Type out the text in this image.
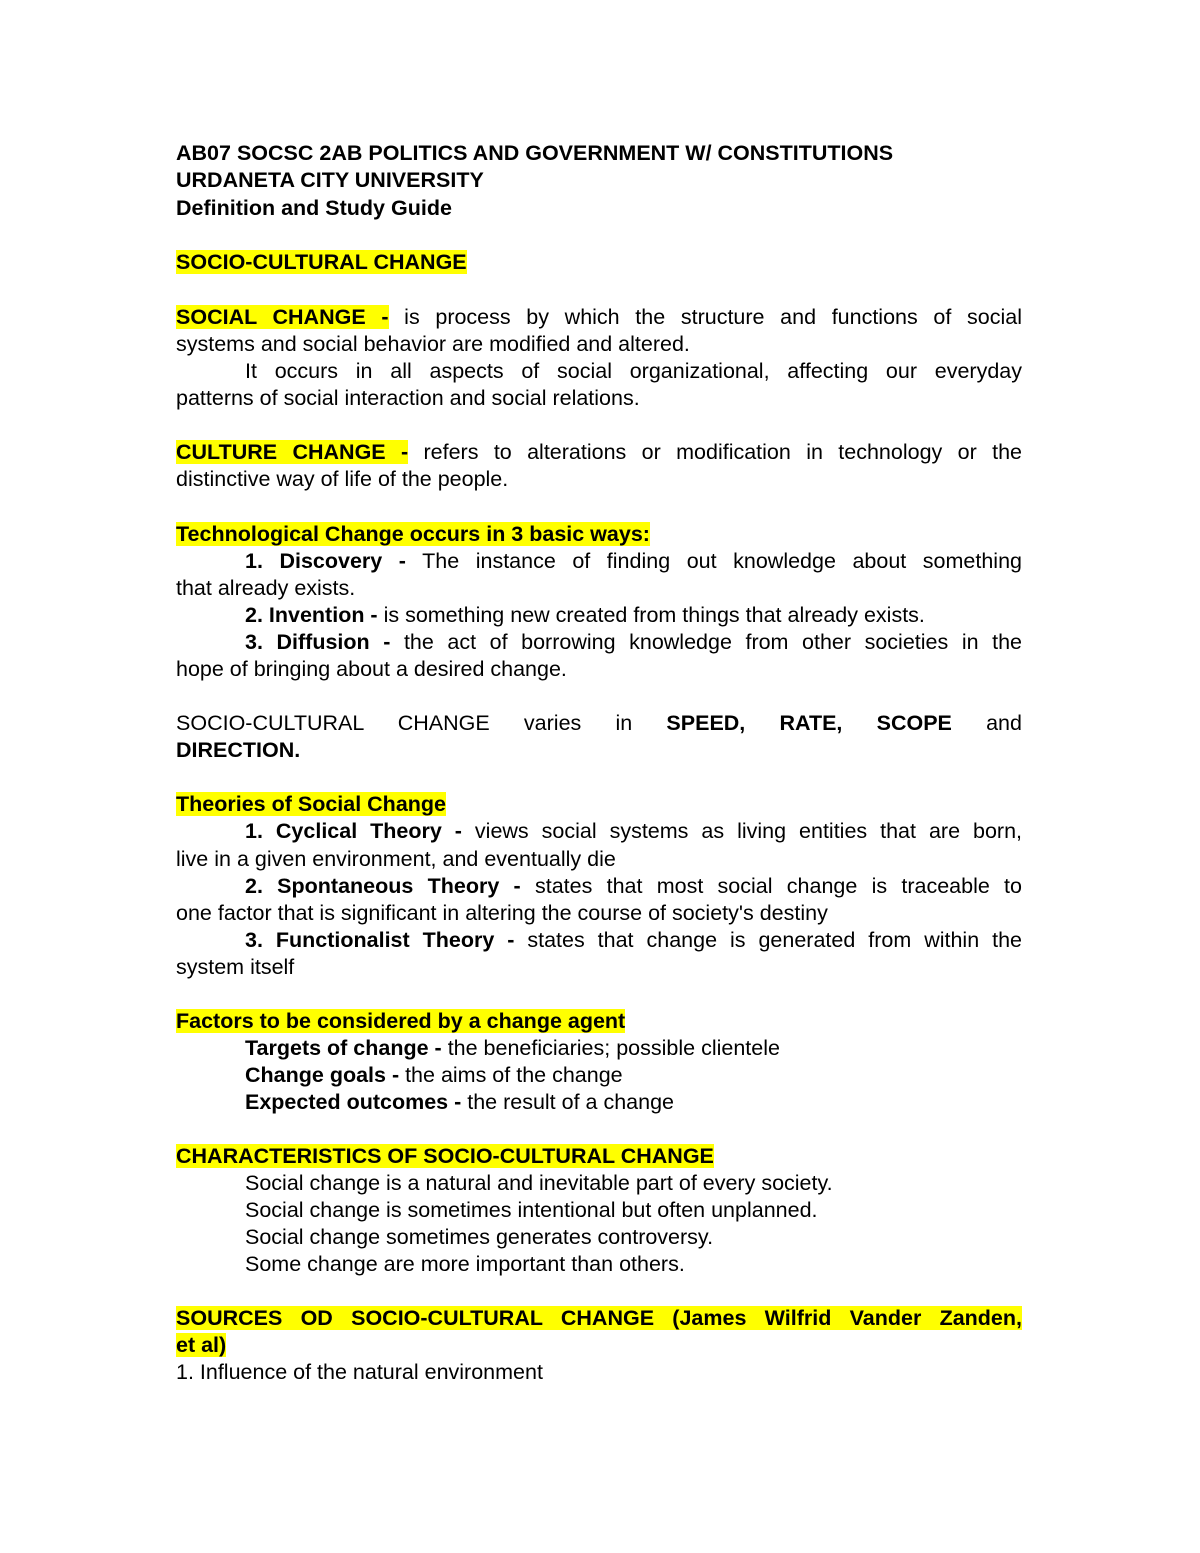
AB07 SOCSC 2AB POLITICS AND GOVERNMENT W/ CONSTITUTIONS
URDANETA CITY UNIVERSITY
Definition and Study Guide
SOCIO-CULTURAL CHANGE
SOCIAL CHANGE - is process by which the structure and functions of social
systems and social behavior are modified and altered.
It occurs in all aspects of social organizational, affecting our everyday
patterns of social interaction and social relations.
CULTURE CHANGE - refers to alterations or modification in technology or the
distinctive way of life of the people.
Technological Change occurs in 3 basic ways:
1. Discovery - The instance of finding out knowledge about something
that already exists.
2. Invention - is something new created from things that already exists.
3. Diffusion - the act of borrowing knowledge from other societies in the
hope of bringing about a desired change.
SOCIO-CULTURAL CHANGE varies in SPEED, RATE, SCOPE and
DIRECTION.
Theories of Social Change
1. Cyclical Theory - views social systems as living entities that are born,
live in a given environment, and eventually die
2. Spontaneous Theory - states that most social change is traceable to
one factor that is significant in altering the course of society's destiny
3. Functionalist Theory - states that change is generated from within the
system itself
Factors to be considered by a change agent
Targets of change - the beneficiaries; possible clientele
Change goals - the aims of the change
Expected outcomes - the result of a change
CHARACTERISTICS OF SOCIO-CULTURAL CHANGE
Social change is a natural and inevitable part of every society.
Social change is sometimes intentional but often unplanned.
Social change sometimes generates controversy.
Some change are more important than others.
SOURCES OD SOCIO-CULTURAL CHANGE (James Wilfrid Vander Zanden,
et al)
1. Influence of the natural environment
